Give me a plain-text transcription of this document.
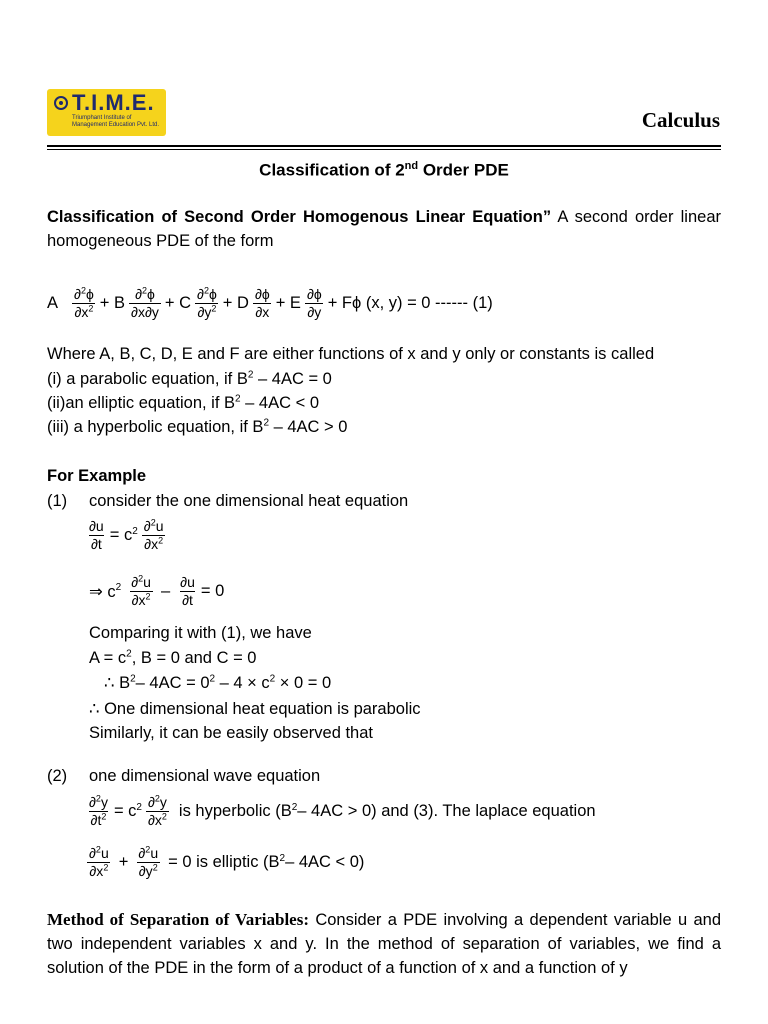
T.I.M.E.
Triumphant Institute of
Management Education Pvt. Ltd.	Calculus
Classification of 2nd Order PDE
Classification of Second Order Homogenous Linear Equation” A second order linear homogeneous PDE of the form
A $\frac{\partial^2\phi}{\partial x^2} + B \frac{\partial^2\phi}{\partial x\partial y} + C \frac{\partial^2\phi}{\partial y^2} + D \frac{\partial\phi}{\partial x} + E \frac{\partial\phi}{\partial y} + F\phi$ (x, y) = 0 ------ (1)
Where A, B, C, D, E and F are either functions of x and y only or constants is called
(i) a parabolic equation, if $B^2 - 4AC = 0$
(ii)an elliptic equation, if $B^2 - 4AC < 0$
(iii) a hyperbolic equation, if $B^2 - 4AC > 0$
For Example
(1) consider the one dimensional heat equation
$\frac{\partial u}{\partial t} = c$ $2 \frac{\partial^2u}{\partial x^2}$
⇒ c $2 \frac{\partial^2u}{\partial x^2} - \frac{\partial u}{\partial t} = 0$
Comparing it with (1), we have
$A = c^2$, B = 0 and C = 0
∴ $B^2-$ $4AC = 0^2 - 4 \times c^2 \times 0 = 0$
∴ One dimensional heat equation is parabolic
Similarly, it can be easily observed that
(2) one dimensional wave equation
$\frac{\partial^2y}{\partial t^2} = c$ $2 \frac{\partial^2y}{\partial x^2}$ is hyperbolic (B 2 – 4AC > 0) and (3). The laplace equation
$\frac{\partial^2u}{\partial x^2} + \frac{\partial^2u}{\partial y^2} = 0$ is elliptic (B 2 – 4AC < 0)
Method of Separation of Variables: Consider a PDE involving a dependent variable u and two independent variables x and y. In the method of separation of variables, we find a solution of the PDE in the form of a product of a function of x and a function of y
